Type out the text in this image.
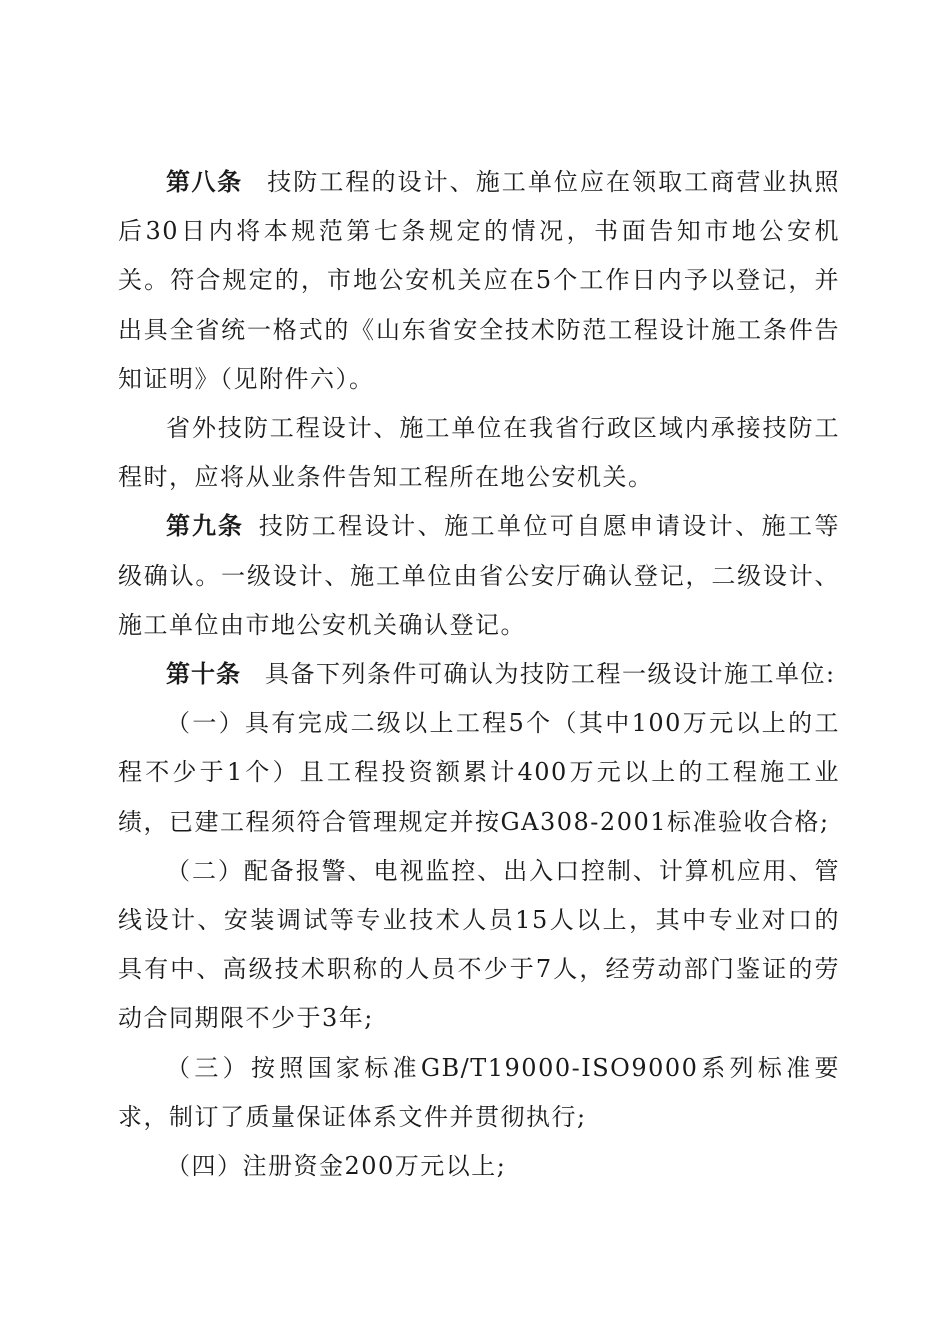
第八条 技防工程的设计、施工单位应在领取工商营业执照后30日内将本规范第七条规定的情况，书面告知市地公安机关。符合规定的，市地公安机关应在5个工作日内予以登记，并出具全省统一格式的《山东省安全技术防范工程设计施工条件告知证明》（见附件六）。

省外技防工程设计、施工单位在我省行政区域内承接技防工程时，应将从业条件告知工程所在地公安机关。

第九条 技防工程设计、施工单位可自愿申请设计、施工等级确认。一级设计、施工单位由省公安厅确认登记，二级设计、施工单位由市地公安机关确认登记。

第十条 具备下列条件可确认为技防工程一级设计施工单位:

（一）具有完成二级以上工程5个（其中100万元以上的工程不少于1个）且工程投资额累计400万元以上的工程施工业绩，已建工程须符合管理规定并按GA308-2001标准验收合格;

（二）配备报警、电视监控、出入口控制、计算机应用、管线设计、安装调试等专业技术人员15人以上，其中专业对口的具有中、高级技术职称的人员不少于7人，经劳动部门鉴证的劳动合同期限不少于3年;

（三）按照国家标准GB/T19000-ISO9000系列标准要求，制订了质量保证体系文件并贯彻执行;

（四）注册资金200万元以上;
